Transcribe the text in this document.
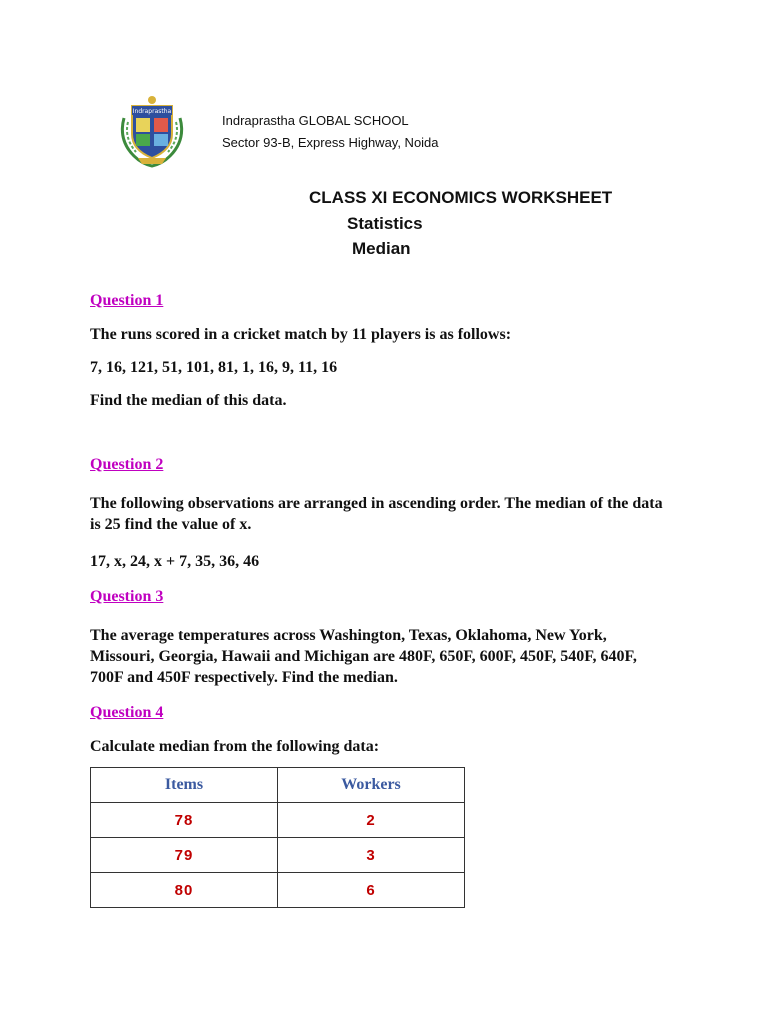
Indraprastha
Indraprastha GLOBAL SCHOOL
Sector 93-B, Express Highway, Noida
CLASS XI ECONOMICS WORKSHEET
Statistics
Median
Question 1
The runs scored in a cricket match by 11 players is as follows:
7, 16, 121, 51, 101, 81, 1, 16, 9, 11, 16
Find the median of this data.
Question 2
The following observations are arranged in ascending order. The median of the data is 25 find the value of x.
17, x, 24, x + 7, 35, 36, 46
Question 3
The average temperatures across Washington, Texas, Oklahoma, New York, Missouri, Georgia, Hawaii and Michigan are 480F, 650F, 600F, 450F, 540F, 640F, 700F and 450F respectively. Find the median.
Question 4
Calculate median from the following data:
Items	Workers
78	2
79	3
80	6
